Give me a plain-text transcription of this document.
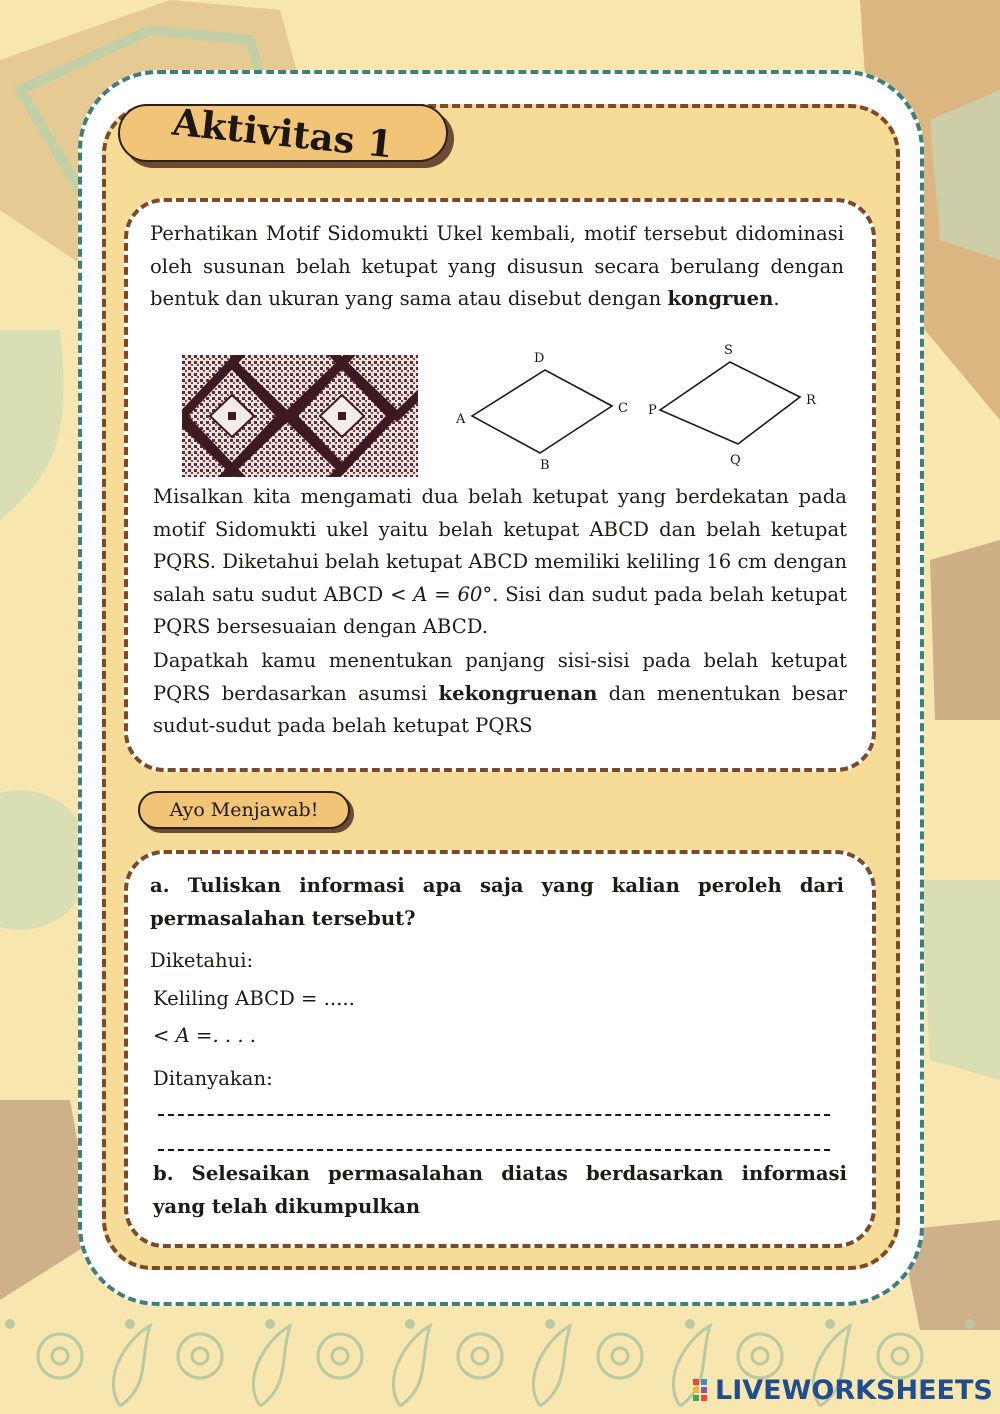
Aktivitas 1
Perhatikan Motif Sidomukti Ukel kembali, motif tersebut didominasi oleh susunan belah ketupat yang disusun secara berulang dengan bentuk dan ukuran yang sama atau disebut dengan kongruen.
D
C
B
A
S
R
Q
P
Misalkan kita mengamati dua belah ketupat yang berdekatan pada motif Sidomukti ukel yaitu belah ketupat ABCD dan belah ketupat PQRS. Diketahui belah ketupat ABCD memiliki keliling 16 cm dengan salah satu sudut ABCD < A = 60°. Sisi dan sudut pada belah ketupat PQRS bersesuaian dengan ABCD.
Dapatkah kamu menentukan panjang sisi-sisi pada belah ketupat PQRS berdasarkan asumsi kekongruenan dan menentukan besar sudut-sudut pada belah ketupat PQRS
Ayo Menjawab!
a. Tuliskan informasi apa saja yang kalian peroleh dari permasalahan tersebut?
Diketahui:
Keliling ABCD = .....
< A =. . . .
Ditanyakan:
b. Selesaikan permasalahan diatas berdasarkan informasi yang telah dikumpulkan
LIVEWORKSHEETS
